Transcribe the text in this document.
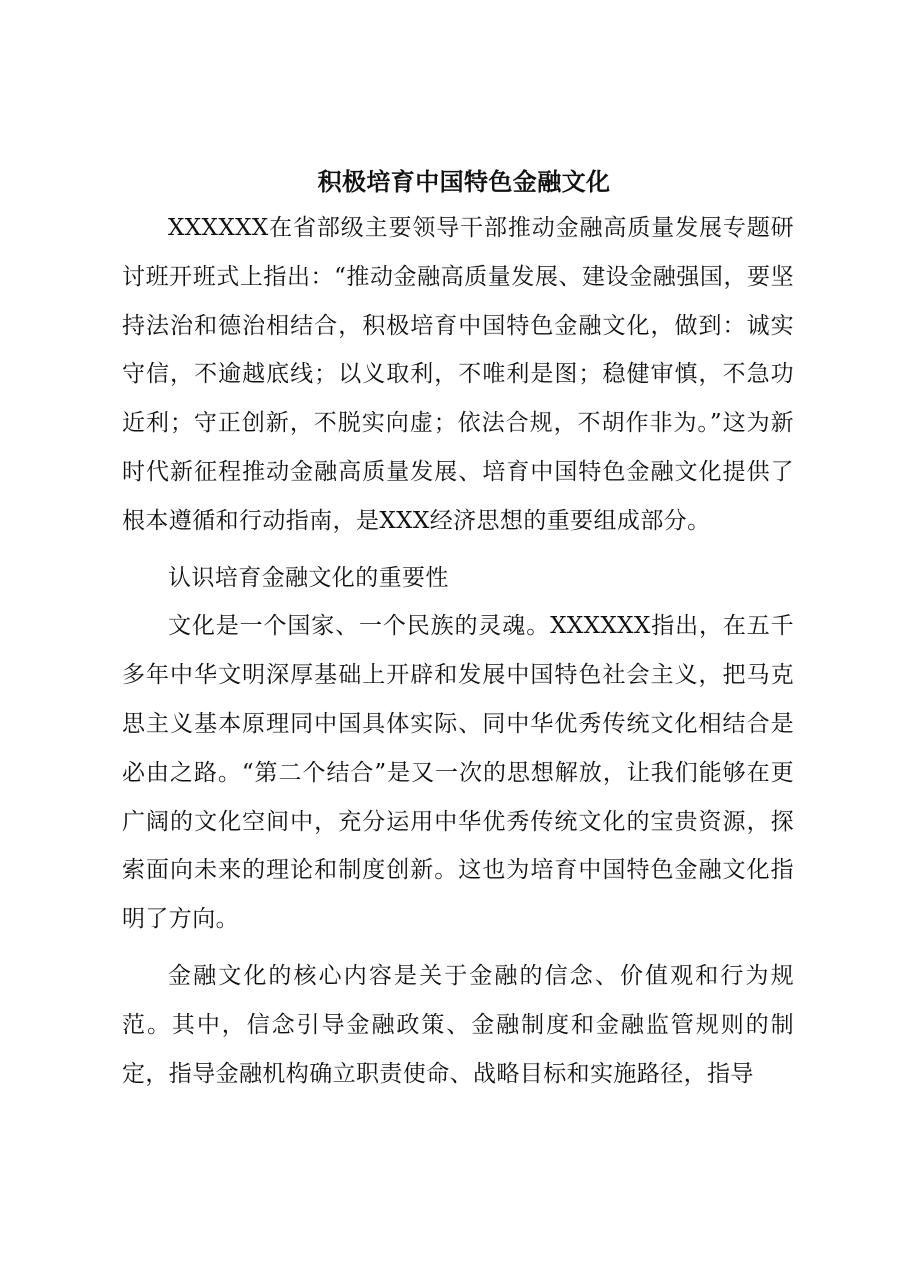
积极培育中国特色金融文化

XXXXXX在省部级主要领导干部推动金融高质量发展专题研讨班开班式上指出：“推动金融高质量发展、建设金融强国，要坚持法治和德治相结合，积极培育中国特色金融文化，做到：诚实守信，不逾越底线；以义取利，不唯利是图；稳健审慎，不急功近利；守正创新，不脱实向虚；依法合规，不胡作非为。”这为新时代新征程推动金融高质量发展、培育中国特色金融文化提供了根本遵循和行动指南，是XXX经济思想的重要组成部分。

认识培育金融文化的重要性

文化是一个国家、一个民族的灵魂。XXXXXX指出，在五千多年中华文明深厚基础上开辟和发展中国特色社会主义，把马克思主义基本原理同中国具体实际、同中华优秀传统文化相结合是必由之路。“第二个结合”是又一次的思想解放，让我们能够在更广阔的文化空间中，充分运用中华优秀传统文化的宝贵资源，探索面向未来的理论和制度创新。这也为培育中国特色金融文化指明了方向。

金融文化的核心内容是关于金融的信念、价值观和行为规范。其中，信念引导金融政策、金融制度和金融监管规则的制定，指导金融机构确立职责使命、战略目标和实施路径，指导
